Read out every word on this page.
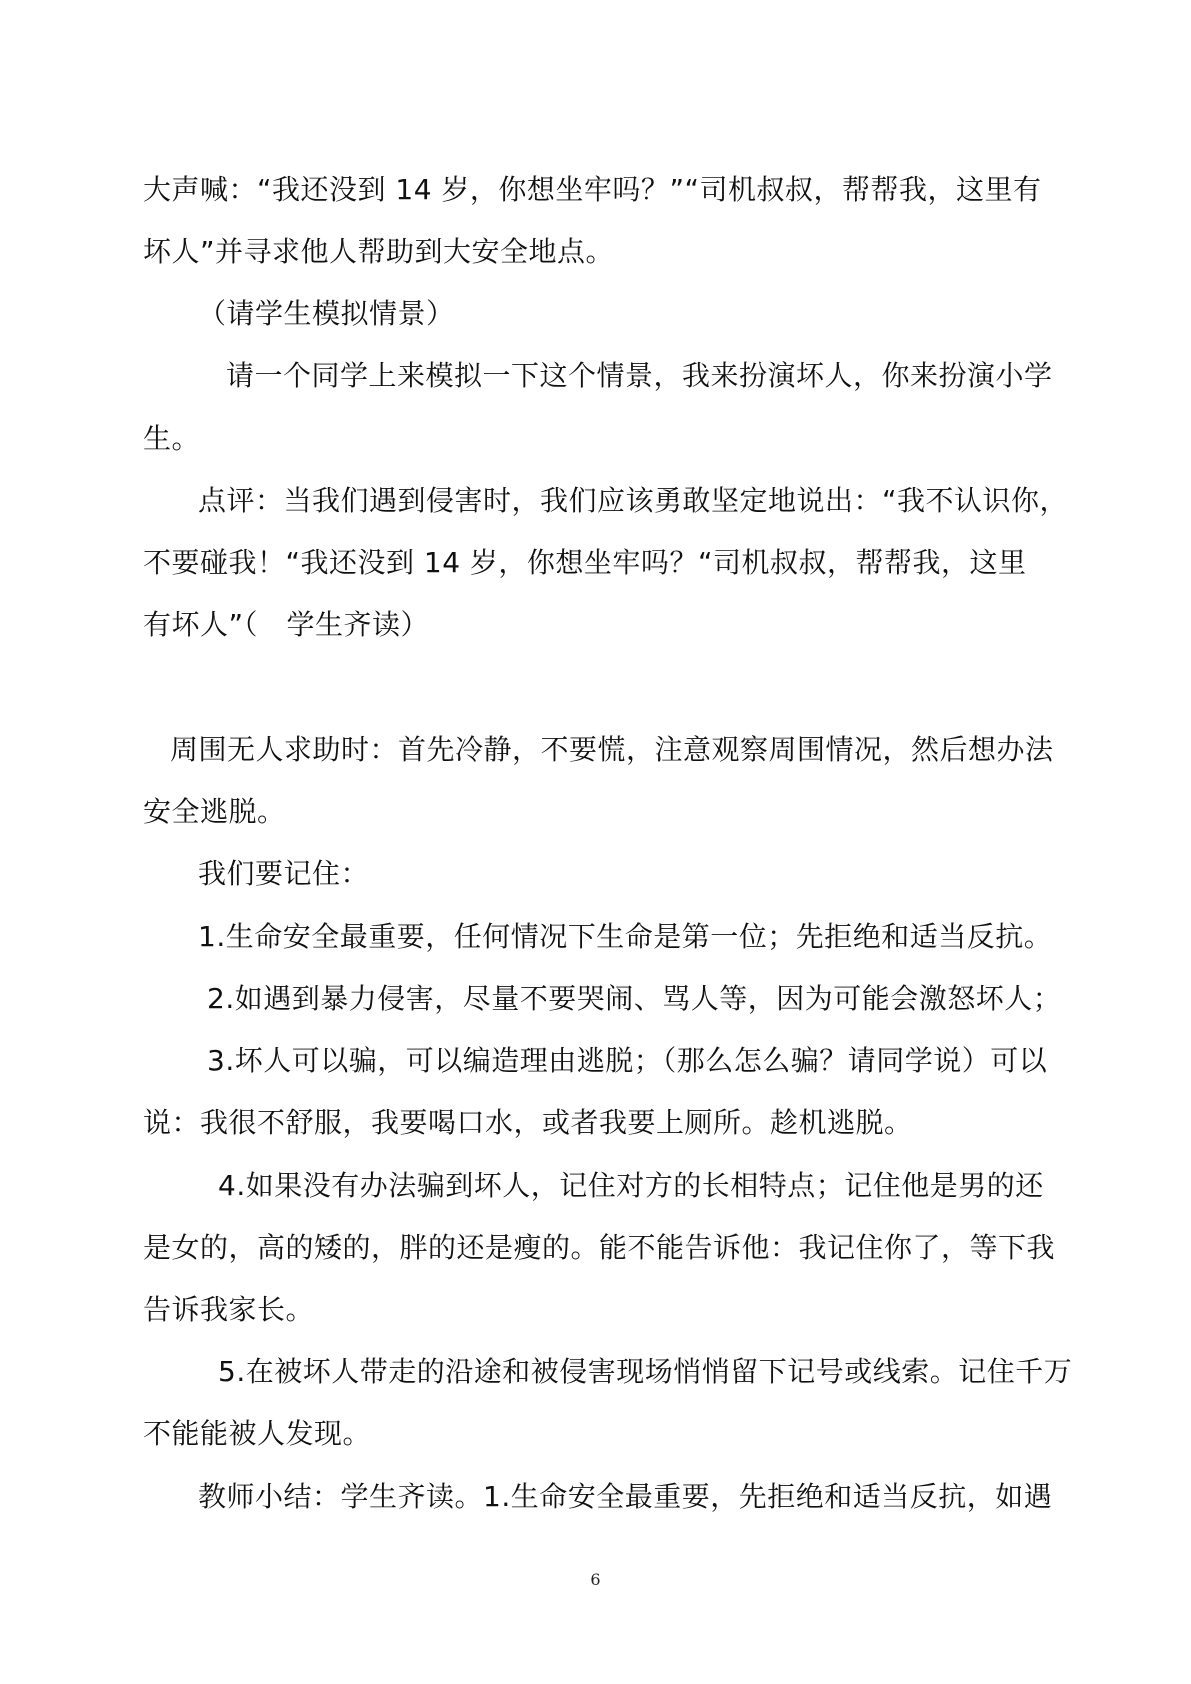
大声喊：“我还没到 14 岁，你想坐牢吗？”“司机叔叔，帮帮我，这里有
坏人”并寻求他人帮助到大安全地点。
（请学生模拟情景）
请一个同学上来模拟一下这个情景，我来扮演坏人，你来扮演小学
生。
点评：当我们遇到侵害时，我们应该勇敢坚定地说出：“我不认识你，
不要碰我！“我还没到 14 岁，你想坐牢吗？“司机叔叔，帮帮我，这里
有坏人”（　学生齐读）
周围无人求助时：首先冷静，不要慌，注意观察周围情况，然后想办法
安全逃脱。
我们要记住：
1.生命安全最重要，任何情况下生命是第一位；先拒绝和适当反抗。
2.如遇到暴力侵害，尽量不要哭闹、骂人等，因为可能会激怒坏人；
3.坏人可以骗，可以编造理由逃脱；（那么怎么骗？请同学说）可以
说：我很不舒服，我要喝口水，或者我要上厕所。趁机逃脱。
4.如果没有办法骗到坏人，记住对方的长相特点；记住他是男的还
是女的，高的矮的，胖的还是瘦的。能不能告诉他：我记住你了，等下我
告诉我家长。
5.在被坏人带走的沿途和被侵害现场悄悄留下记号或线索。记住千万
不能能被人发现。
教师小结：学生齐读。1.生命安全最重要，先拒绝和适当反抗，如遇
6
